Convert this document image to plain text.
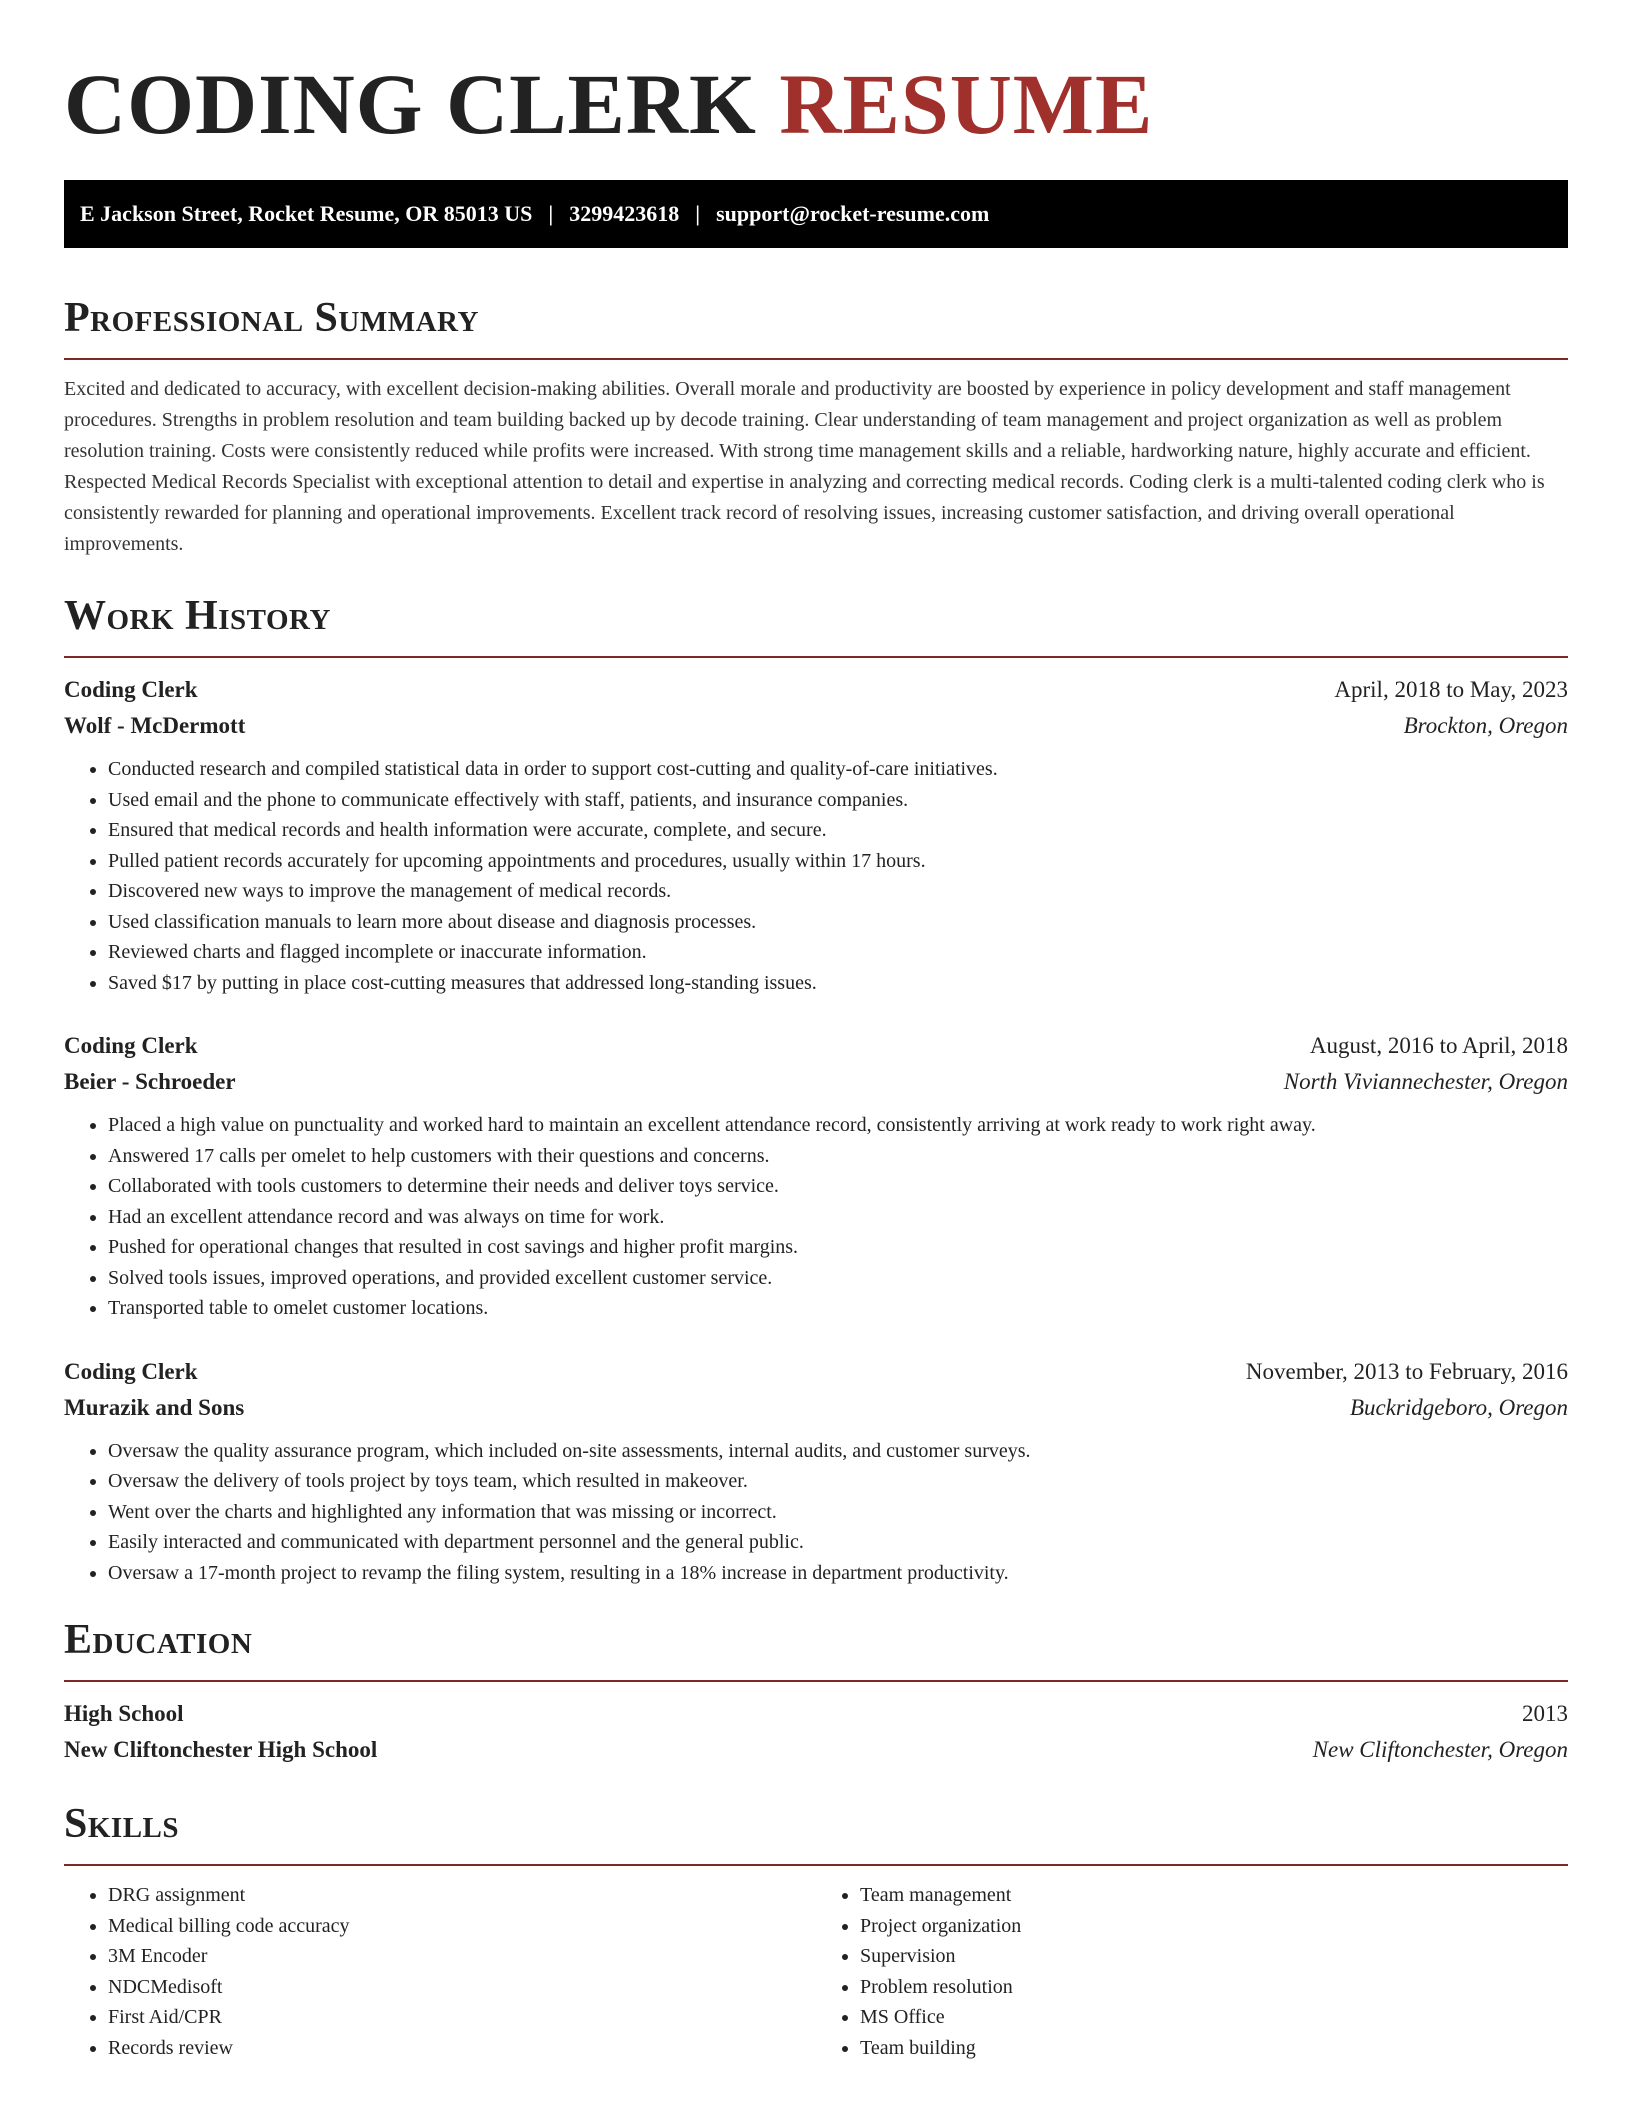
CODING CLERK RESUME
E Jackson Street, Rocket Resume, OR 85013 US | 3299423618 | support@rocket-resume.com
Professional Summary

Excited and dedicated to accuracy, with excellent decision-making abilities. Overall morale and productivity are boosted by experience in policy development and staff management procedures. Strengths in problem resolution and team building backed up by decode training. Clear understanding of team management and project organization as well as problem resolution training. Costs were consistently reduced while profits were increased. With strong time management skills and a reliable, hardworking nature, highly accurate and efficient. Respected Medical Records Specialist with exceptional attention to detail and expertise in analyzing and correcting medical records. Coding clerk is a multi-talented coding clerk who is consistently rewarded for planning and operational improvements. Excellent track record of resolving issues, increasing customer satisfaction, and driving overall operational improvements.

Work History
Coding Clerk	April, 2018 to May, 2023
Wolf - McDermott	Brockton, Oregon
• Conducted research and compiled statistical data in order to support cost-cutting and quality-of-care initiatives.
• Used email and the phone to communicate effectively with staff, patients, and insurance companies.
• Ensured that medical records and health information were accurate, complete, and secure.
• Pulled patient records accurately for upcoming appointments and procedures, usually within 17 hours.
• Discovered new ways to improve the management of medical records.
• Used classification manuals to learn more about disease and diagnosis processes.
• Reviewed charts and flagged incomplete or inaccurate information.
• Saved $17 by putting in place cost-cutting measures that addressed long-standing issues.
Coding Clerk	August, 2016 to April, 2018
Beier - Schroeder	North Viviannechester, Oregon
• Placed a high value on punctuality and worked hard to maintain an excellent attendance record, consistently arriving at work ready to work right away.
• Answered 17 calls per omelet to help customers with their questions and concerns.
• Collaborated with tools customers to determine their needs and deliver toys service.
• Had an excellent attendance record and was always on time for work.
• Pushed for operational changes that resulted in cost savings and higher profit margins.
• Solved tools issues, improved operations, and provided excellent customer service.
• Transported table to omelet customer locations.
Coding Clerk	November, 2013 to February, 2016
Murazik and Sons	Buckridgeboro, Oregon
• Oversaw the quality assurance program, which included on-site assessments, internal audits, and customer surveys.
• Oversaw the delivery of tools project by toys team, which resulted in makeover.
• Went over the charts and highlighted any information that was missing or incorrect.
• Easily interacted and communicated with department personnel and the general public.
• Oversaw a 17-month project to revamp the filing system, resulting in a 18% increase in department productivity.
Education
High School	2013
New Cliftonchester High School	New Cliftonchester, Oregon
Skills
• DRG assignment
• Medical billing code accuracy
• 3M Encoder
• NDCMedisoft
• First Aid/CPR
• Records review
• Team management
• Project organization
• Supervision
• Problem resolution
• MS Office
• Team building
